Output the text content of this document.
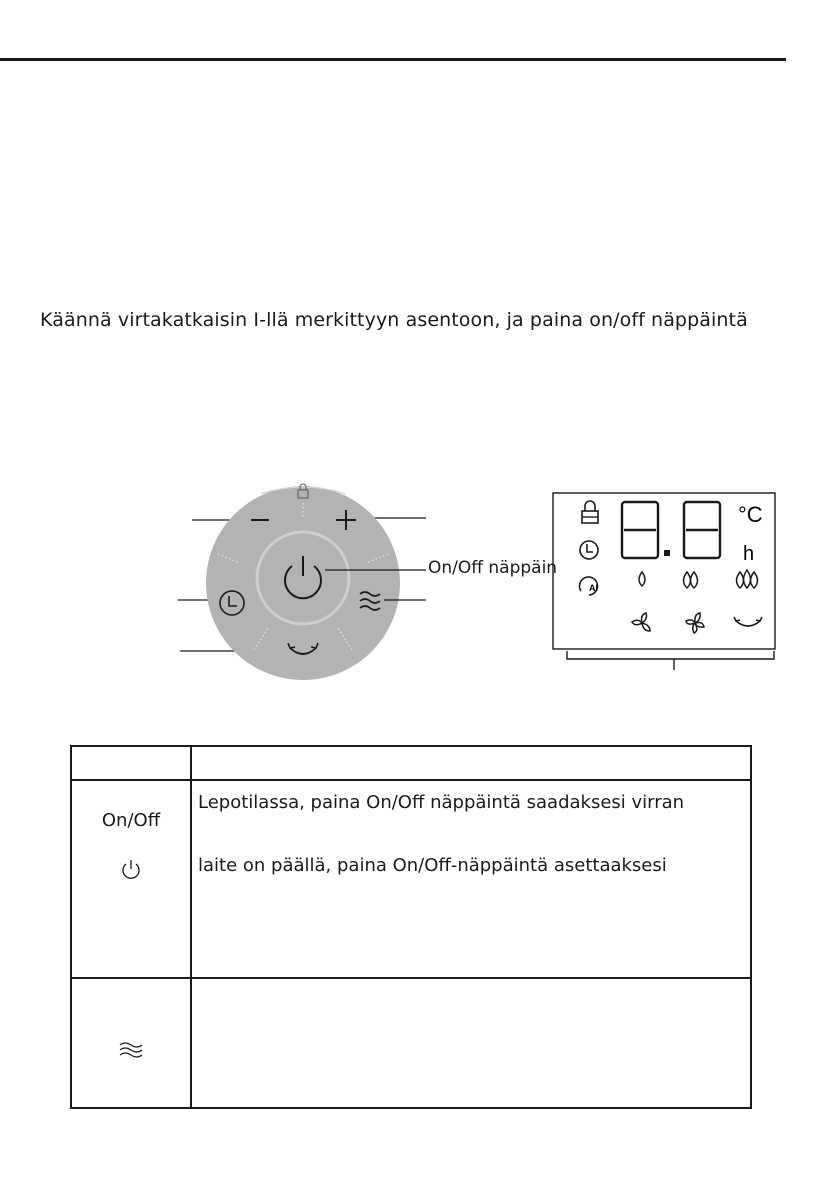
Käännä virtakatkaisin I-llä merkittyyn asentoon, ja paina on/off näppäintä
On/Off näppäin
AI
8.8
°C
h

On/Off	Lepotilassa, paina On/Off näppäintä saadaksesi virran

laite on päällä, paina On/Off-näppäintä asettaaksesi
